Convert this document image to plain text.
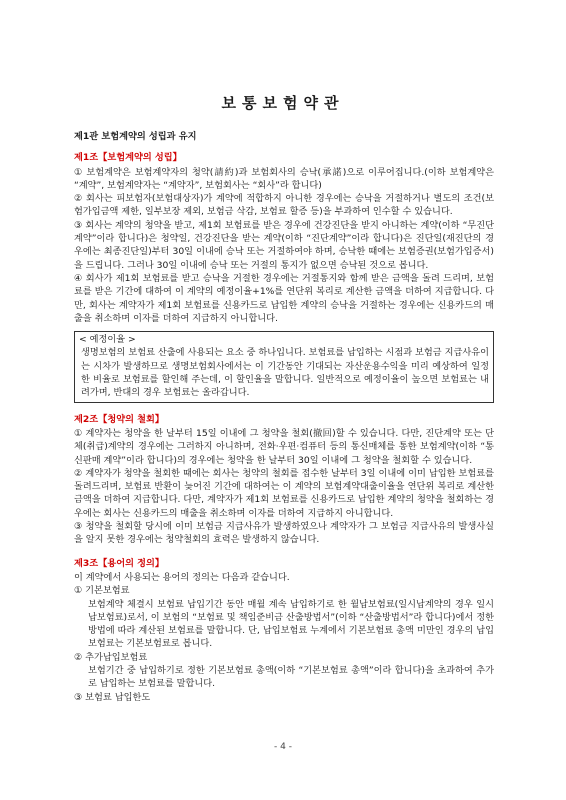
보통보험약관

제1관 보험계약의 성립과 유지

제1조【보험계약의 성립】

① 보험계약은 보험계약자의 청약(請約)과 보험회사의 승낙(承諾)으로 이루어집니다.(이하 보험계약은 “계약”, 보험계약자는 “계약자”, 보험회사는 “회사”라 합니다)

② 회사는 피보험자(보험대상자)가 계약에 적합하지 아니한 경우에는 승낙을 거절하거나 별도의 조건(보험가입금액 제한, 일부보장 제외, 보험금 삭감, 보험료 할증 등)을 부과하여 인수할 수 있습니다.

③ 회사는 계약의 청약을 받고, 제1회 보험료를 받은 경우에 건강진단을 받지 아니하는 계약(이하 “무진단계약”이라 합니다)은 청약일, 건강진단을 받는 계약(이하 “진단계약”이라 합니다)은 진단일(재진단의 경우에는 최종진단일)부터 30일 이내에 승낙 또는 거절하여야 하며, 승낙한 때에는 보험증권(보험가입증서)을 드립니다. 그러나 30일 이내에 승낙 또는 거절의 통지가 없으면 승낙된 것으로 봅니다.

④ 회사가 제1회 보험료를 받고 승낙을 거절한 경우에는 거절통지와 함께 받은 금액을 돌려 드리며, 보험료를 받은 기간에 대하여 이 계약의 예정이율+1%를 연단위 복리로 계산한 금액을 더하여 지급합니다. 다만, 회사는 계약자가 제1회 보험료를 신용카드로 납입한 계약의 승낙을 거절하는 경우에는 신용카드의 매출을 취소하며 이자를 더하여 지급하지 아니합니다.

< 예정이율 >

생명보험의 보험료 산출에 사용되는 요소 중 하나입니다. 보험료를 납입하는 시점과 보험금 지급사유이 는 시차가 발생하므로 생명보험회사에서는 이 기간동안 기대되는 자산운용수익을 미리 예상하여 일정한 비율로 보험료를 할인해 주는데, 이 할인율을 말합니다. 일반적으로 예정이율이 높으면 보험료는 내려가며, 반대의 경우 보험료는 올라갑니다.

제2조【청약의 철회】

① 계약자는 청약을 한 날부터 15일 이내에 그 청약을 철회(撤回)할 수 있습니다. 다만, 진단계약 또는 단체(취급)계약의 경우에는 그러하지 아니하며, 전화·우편·컴퓨터 등의 통신매체를 통한 보험계약(이하 “통신판매 계약”이라 합니다)의 경우에는 청약을 한 날부터 30일 이내에 그 청약을 철회할 수 있습니다.

② 계약자가 청약을 철회한 때에는 회사는 청약의 철회를 접수한 날부터 3일 이내에 이미 납입한 보험료를 돌려드리며, 보험료 반환이 늦어진 기간에 대하여는 이 계약의 보험계약대출이율을 연단위 복리로 계산한 금액을 더하여 지급합니다. 다만, 계약자가 제1회 보험료를 신용카드로 납입한 계약의 청약을 철회하는 경우에는 회사는 신용카드의 매출을 취소하며 이자를 더하여 지급하지 아니합니다.

③ 청약을 철회할 당시에 이미 보험금 지급사유가 발생하였으나 계약자가 그 보험금 지급사유의 발생사실을 알지 못한 경우에는 청약철회의 효력은 발생하지 않습니다.

제3조【용어의 정의】

이 계약에서 사용되는 용어의 정의는 다음과 같습니다.

① 기본보험료

보험계약 체결시 보험료 납입기간 동안 매월 계속 납입하기로 한 월납보험료(일시납계약의 경우 일시납보험료)로서, 이 보험의 “보험료 및 책임준비금 산출방법서”(이하 “산출방법서”라 합니다)에서 정한 방법에 따라 계산된 보험료를 말합니다. 단, 납입보험료 누계에서 기본보험료 총액 미만인 경우의 납입보험료는 기본보험료로 봅니다.

② 추가납입보험료

보험기간 중 납입하기로 정한 기본보험료 총액(이하 “기본보험료 총액”이라 합니다)을 초과하여 추가로 납입하는 보험료를 말합니다.

③ 보험료 납입한도

- 4 -
